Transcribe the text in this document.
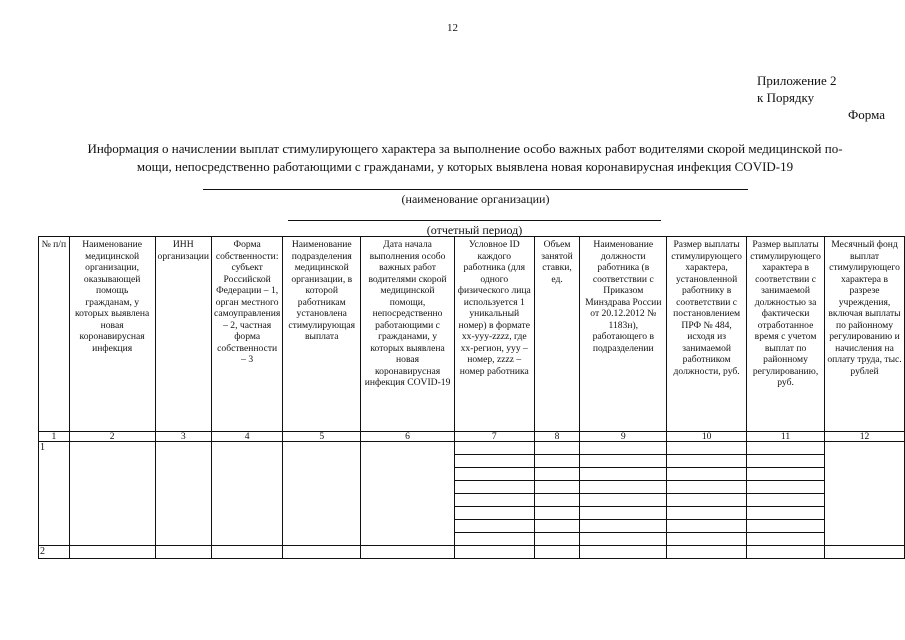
12
Приложение 2
к Порядку

Форма
Информация о начислении выплат стимулирующего характера за выполнение особо важных работ водителями скорой медицинской по-
мощи, непосредственно работающими с гражданами, у которых выявлена новая коронавирусная инфекция COVID-19
(наименование организации)
(отчетный период)
№ п/п	Наименование медицинской организации, оказывающей помощь гражданам, у которых выявлена новая коронавирусная инфекция	ИНН организации	Форма собственности: субъект Российской Федерации – 1, орган местного самоуправления – 2, частная форма собственности – 3	Наименование подразделения медицинской организации, в которой работникам установлена стимулирующая выплата	Дата начала выполнения особо важных работ водителями скорой медицинской помощи, непосредственно работающими с гражданами, у которых выявлена новая коронавирусная инфекция COVID-19	Условное ID каждого работника (для одного физического лица используется 1 уникальный номер) в формате хх-ууу-zzzz, где хх-регион, ууу – номер, zzzz – номер работника	Объем занятой ставки, ед.	Наименование должности работника (в соответствии с Приказом Минздрава России от 20.12.2012 № 1183н), работающего в подразделении	Размер выплаты стимулирующего характера, установленной работнику в соответствии с постановлением ПРФ № 484, исходя из занимаемой работником должности, руб.	Размер выплаты стимулирующего характера в соответствии с занимаемой должностью за фактически отработанное время с учетом выплат по районному регулированию, руб.	Месячный фонд выплат стимулирующего характера в разрезе учреждения, включая выплаты по районному регулированию и начисления на оплату труда, тыс. рублей
1	2	3	4	5	6	7	8	9	10	11	12
1											

2											
